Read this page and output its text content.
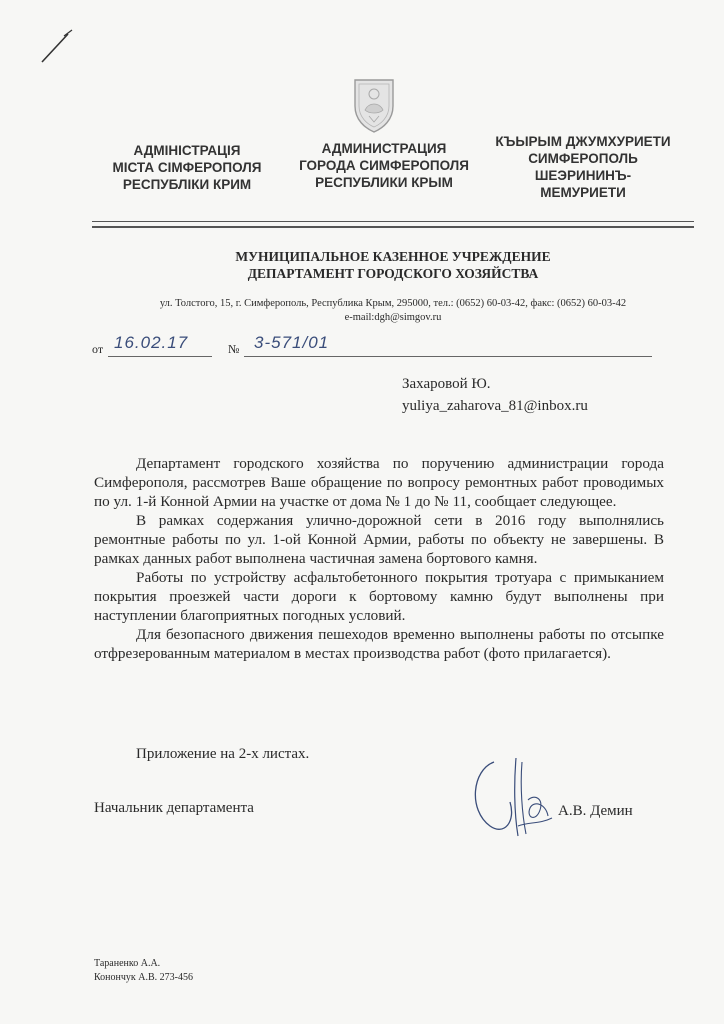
АДМІНІСТРАЦІЯ
МІСТА СІМФЕРОПОЛЯ
РЕСПУБЛІКИ КРИМ
АДМИНИСТРАЦИЯ
ГОРОДА СИМФЕРОПОЛЯ
РЕСПУБЛИКИ КРЫМ
КЪЫРЫМ ДЖУМХУРИЕТИ
СИМФЕРОПОЛЬ
ШЕЭРИНИНЪ-
МЕМУРИЕТИ
МУНИЦИПАЛЬНОЕ КАЗЕННОЕ УЧРЕЖДЕНИЕ
ДЕПАРТАМЕНТ ГОРОДСКОГО ХОЗЯЙСТВА
ул. Толстого, 15, г. Симферополь, Республика Крым, 295000, тел.: (0652) 60-03-42, факс: (0652) 60-03-42
e-mail:dgh@simgov.ru
от 16.02.17	№ 3-571/01
Захаровой Ю.
yuliya_zaharova_81@inbox.ru

Департамент городского хозяйства по поручению администрации города Симферополя, рассмотрев Ваше обращение по вопросу ремонтных работ проводимых по ул. 1-й Конной Армии на участке от дома № 1 до № 11, сообщает следующее.

В рамках содержания улично-дорожной сети в 2016 году выполнялись ремонтные работы по ул. 1-ой Конной Армии, работы по объекту не завершены. В рамках данных работ выполнена частичная замена бортового камня.

Работы по устройству асфальтобетонного покрытия тротуара с примыканием покрытия проезжей части дороги к бортовому камню будут выполнены при наступлении благоприятных погодных условий.

Для безопасного движения пешеходов временно выполнены работы по отсыпке отфрезерованным материалом в местах производства работ (фото прилагается).

Приложение на 2-х листах.
Начальник департамента	А.В. Демин
Тараненко А.А.
Конончук А.В. 273-456
